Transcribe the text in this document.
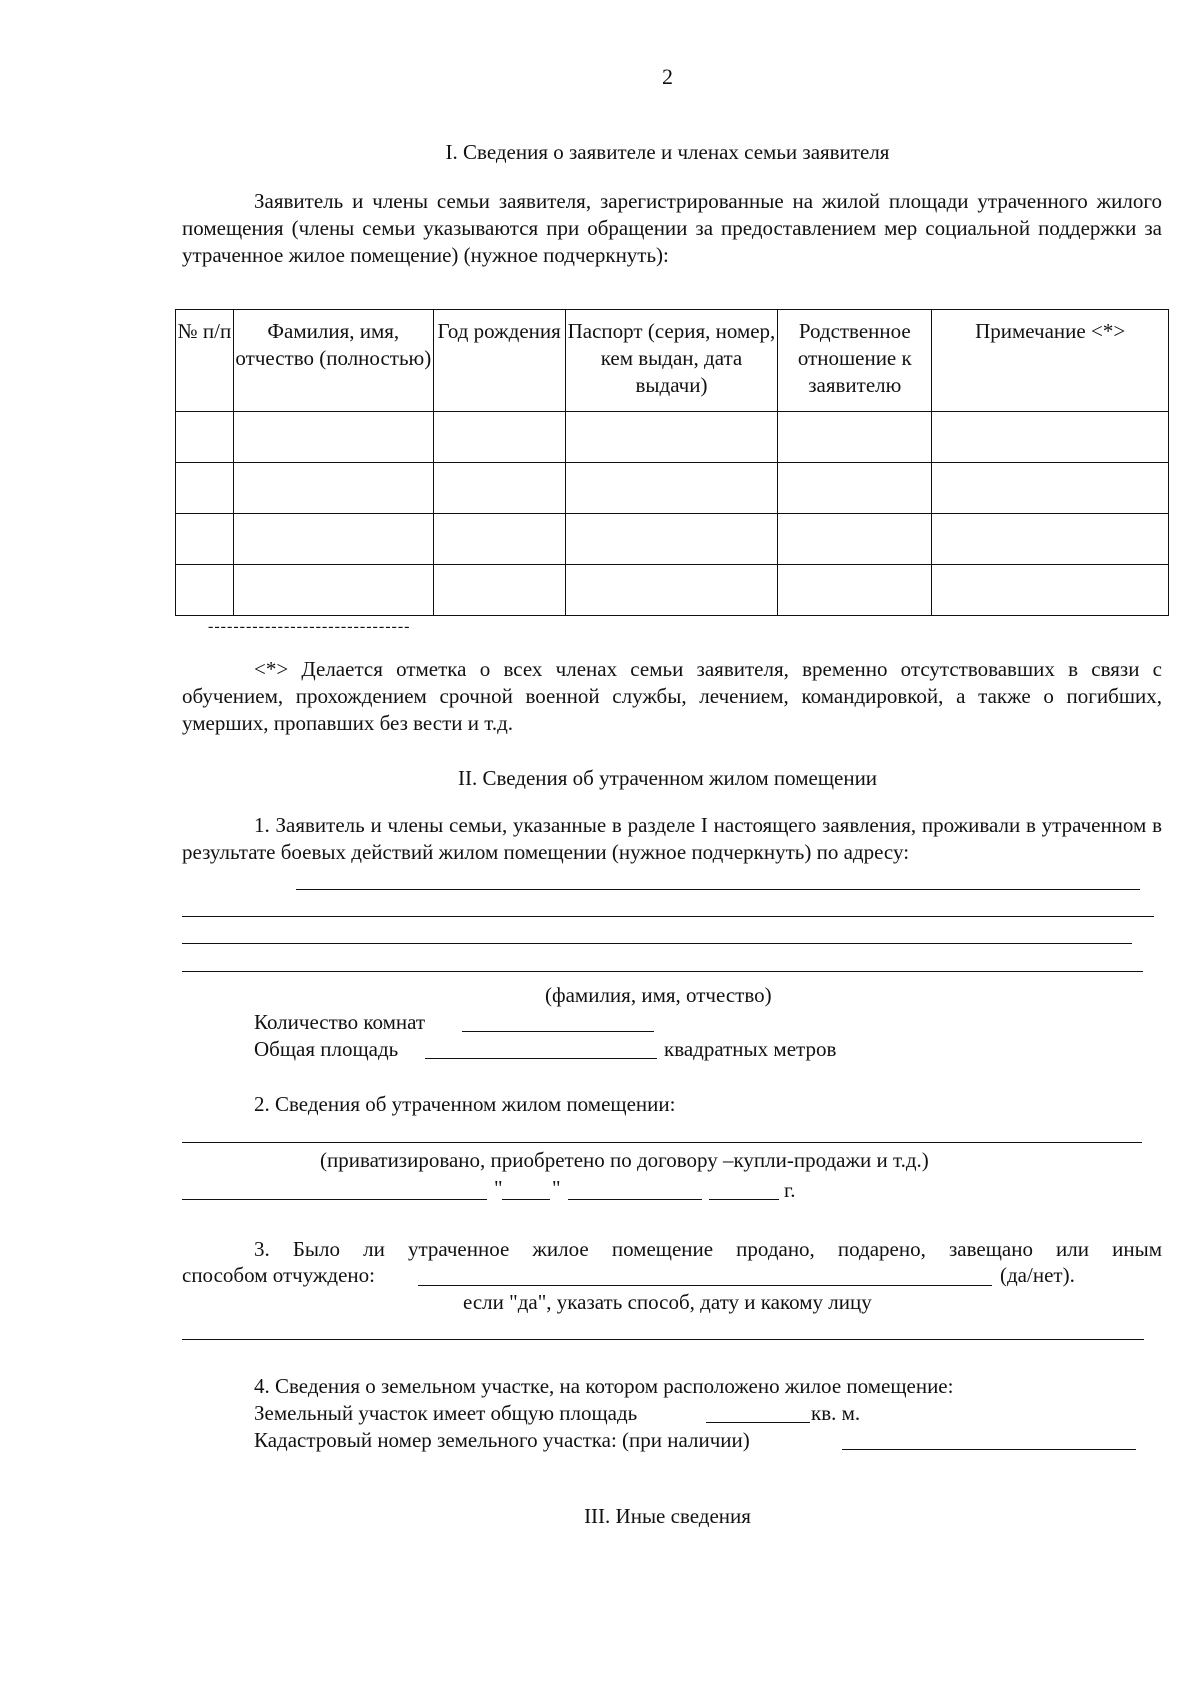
2
I. Сведения о заявителе и членах семьи заявителя
Заявитель и члены семьи заявителя, зарегистрированные на жилой площади утраченного жилого помещения (члены семьи указываются при обращении за предоставлением мер социальной поддержки за утраченное жилое помещение) (нужное подчеркнуть):
№ п/п	Фамилия, имя, отчество (полностью)	Год рождения	Паспорт (серия, номер, кем выдан, дата выдачи)	Родственное отношение к заявителю	Примечание <*>

--------------------------------
<*> Делается отметка о всех членах семьи заявителя, временно отсутствовавших в связи с обучением, прохождением срочной военной службы, лечением, командировкой, а также о погибших, умерших, пропавших без вести и т.д.
II. Сведения об утраченном жилом помещении
1. Заявитель и члены семьи, указанные в разделе I настоящего заявления, проживали в утраченном в результате боевых действий жилом помещении (нужное подчеркнуть) по адресу:
(фамилия, имя, отчество)
Количество комнат
Общая площадь	квадратных метров
2. Сведения об утраченном жилом помещении:
(приватизировано, приобретено по договору –купли-продажи и т.д.)
" "	г.
3. Было ли утраченное жилое помещение продано, подарено, завещано или иным
способом отчуждено:	(да/нет).
если "да", указать способ, дату и какому лицу
4. Сведения о земельном участке, на котором расположено жилое помещение:
Земельный участок имеет общую площадь	кв. м.
Кадастровый номер земельного участка: (при наличии)
III. Иные сведения
